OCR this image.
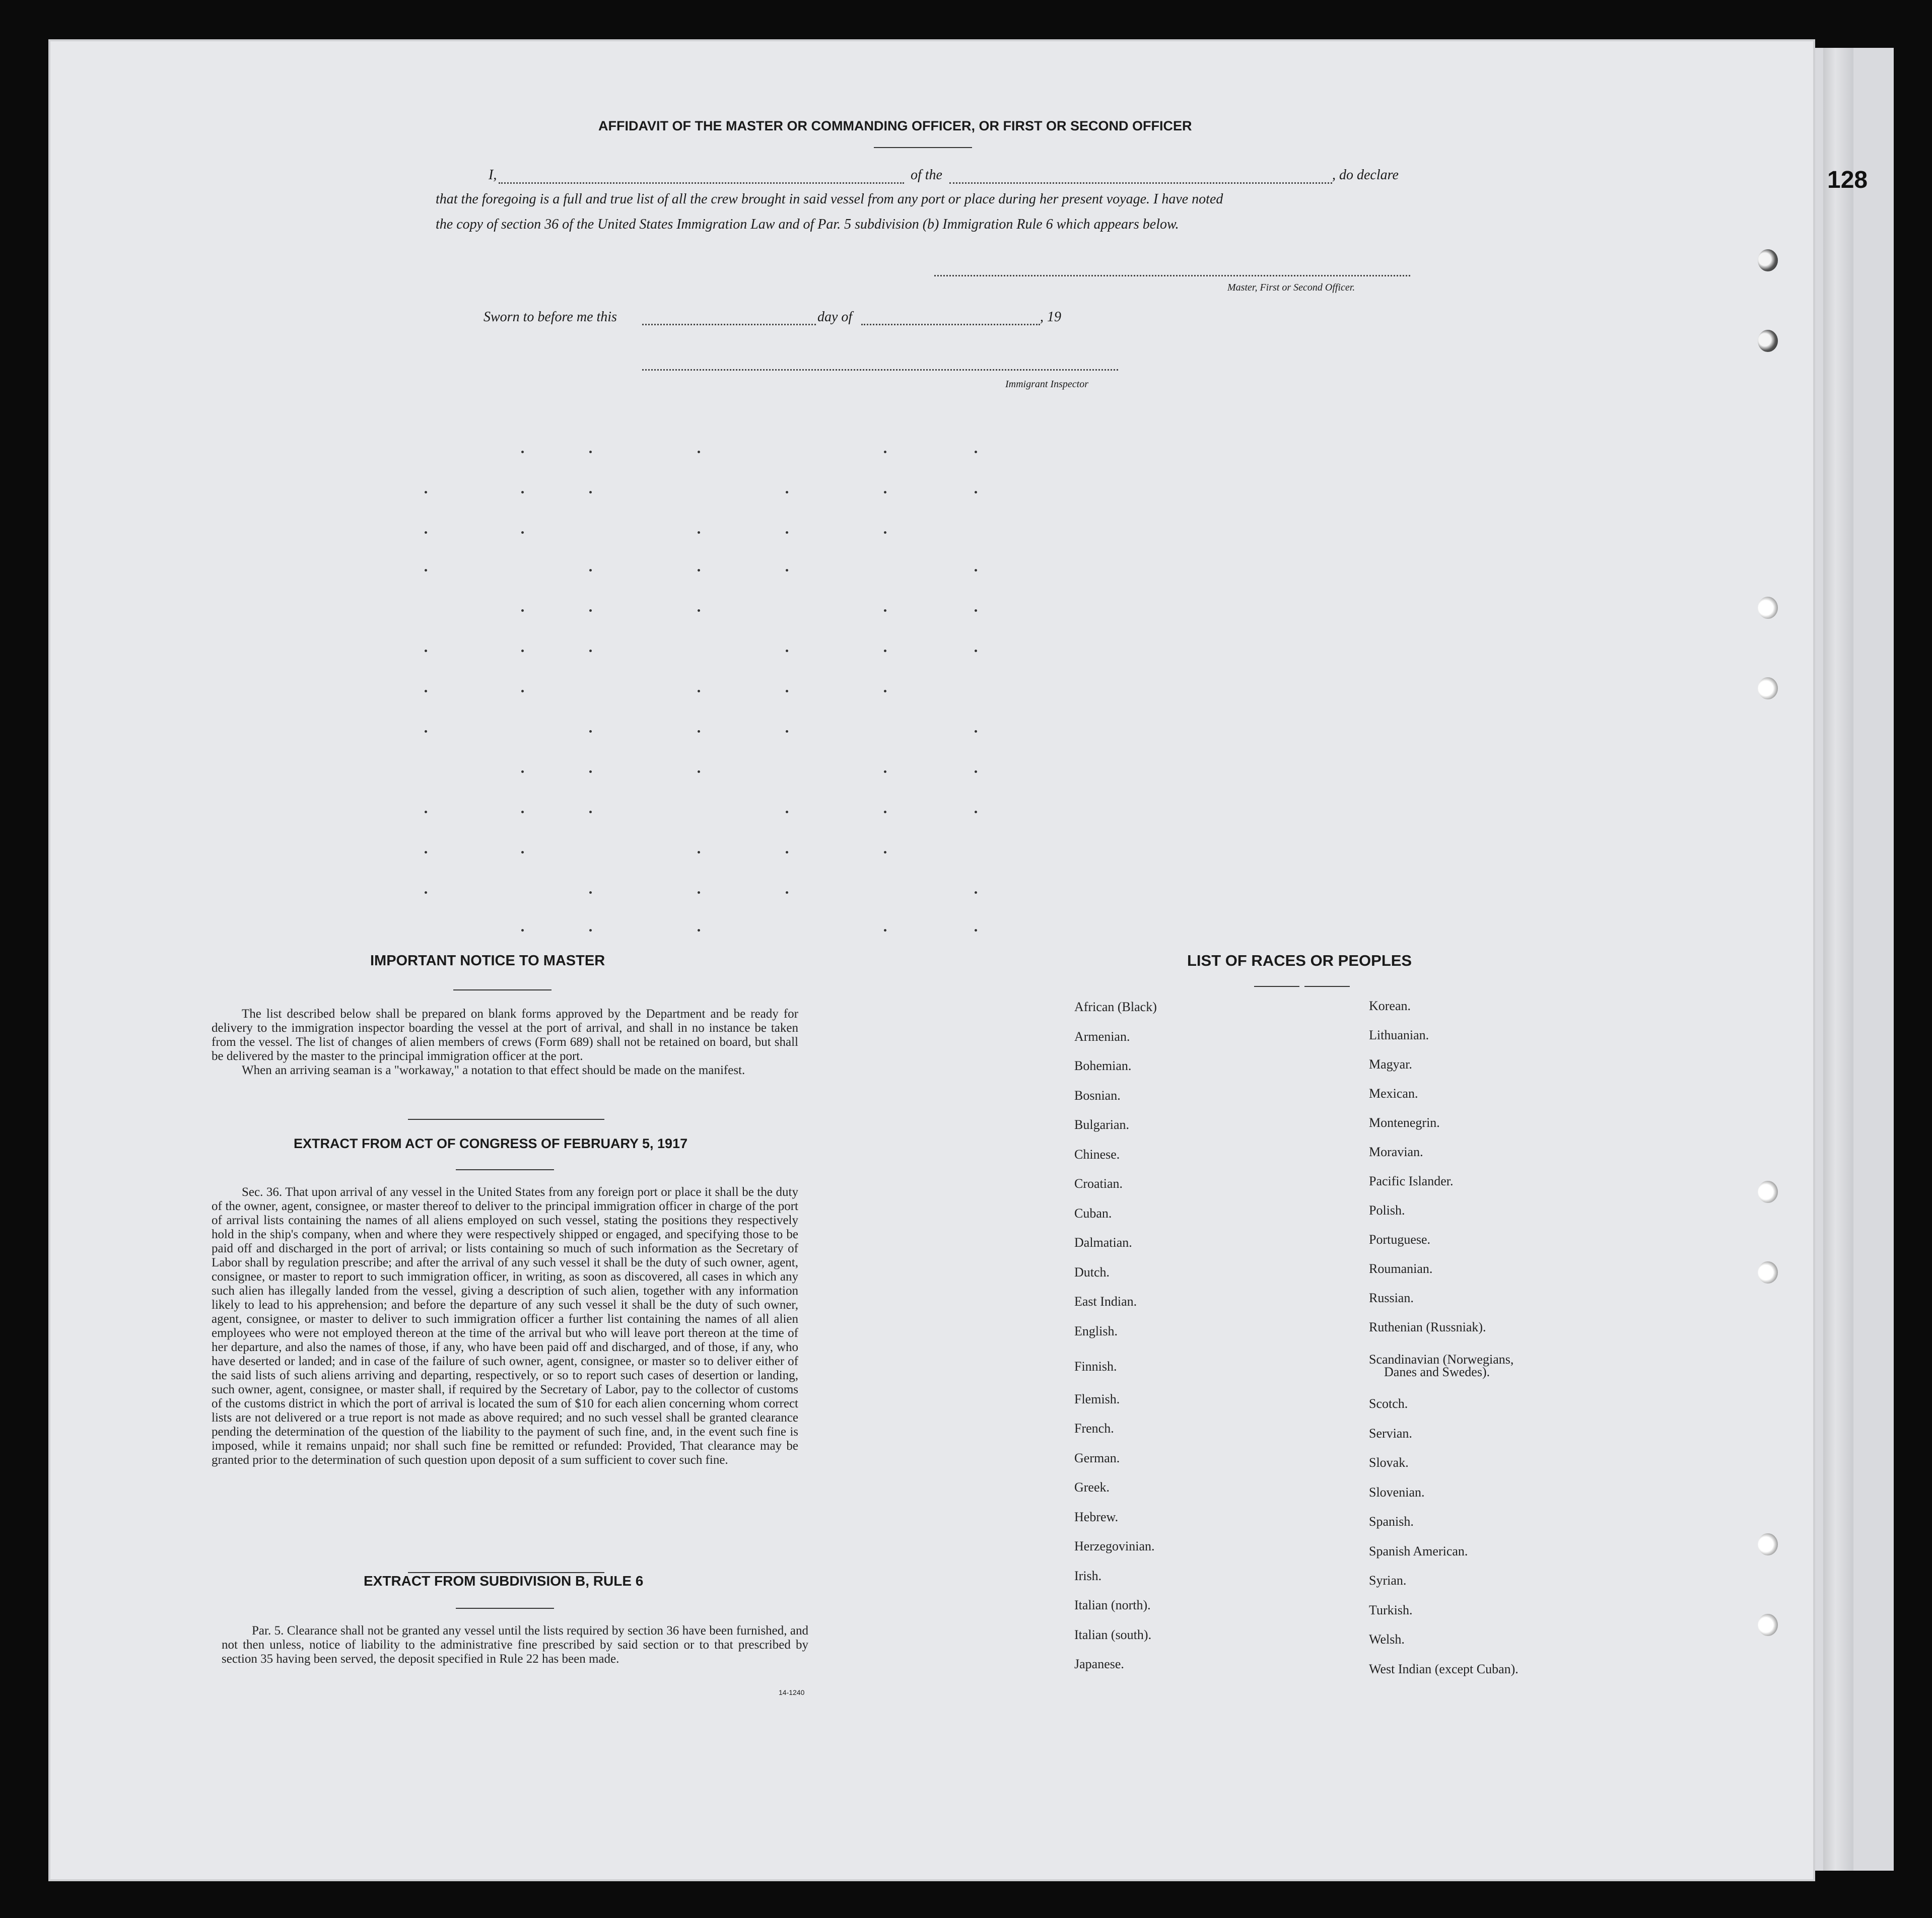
128
AFFIDAVIT OF THE MASTER OR COMMANDING OFFICER, OR FIRST OR SECOND OFFICER
I,	of the	, do declare
that the foregoing is a full and true list of all the crew brought in said vessel from any port or place during her present voyage. I have noted
the copy of section 36 of the United States Immigration Law and of Par. 5 subdivision (b) Immigration Rule 6 which appears below.
Master, First or Second Officer.
Sworn to before me this	day of	, 19
Immigrant Inspector
IMPORTANT NOTICE TO MASTER

The list described below shall be prepared on blank forms approved by the Department and be ready for delivery to the immigration inspector boarding the vessel at the port of arrival, and shall in no instance be taken from the vessel. The list of changes of alien members of crews (Form 689) shall not be retained on board, but shall be delivered by the master to the principal immigration officer at the port.

When an arriving seaman is a "workaway," a notation to that effect should be made on the manifest.

EXTRACT FROM ACT OF CONGRESS OF FEBRUARY 5, 1917

Sec. 36. That upon arrival of any vessel in the United States from any foreign port or place it shall be the duty of the owner, agent, consignee, or master thereof to deliver to the principal immigration officer in charge of the port of arrival lists containing the names of all aliens employed on such vessel, stating the positions they respectively hold in the ship's company, when and where they were respectively shipped or engaged, and specifying those to be paid off and discharged in the port of arrival; or lists containing so much of such information as the Secretary of Labor shall by regulation prescribe; and after the arrival of any such vessel it shall be the duty of such owner, agent, consignee, or master to report to such immigration officer, in writing, as soon as discovered, all cases in which any such alien has illegally landed from the vessel, giving a description of such alien, together with any information likely to lead to his apprehension; and before the departure of any such vessel it shall be the duty of such owner, agent, consignee, or master to deliver to such immigration officer a further list containing the names of all alien employees who were not employed thereon at the time of the arrival but who will leave port thereon at the time of her departure, and also the names of those, if any, who have been paid off and discharged, and of those, if any, who have deserted or landed; and in case of the failure of such owner, agent, consignee, or master so to deliver either of the said lists of such aliens arriving and departing, respectively, or so to report such cases of desertion or landing, such owner, agent, consignee, or master shall, if required by the Secretary of Labor, pay to the collector of customs of the customs district in which the port of arrival is located the sum of $10 for each alien concerning whom correct lists are not delivered or a true report is not made as above required; and no such vessel shall be granted clearance pending the determination of the question of the liability to the payment of such fine, and, in the event such fine is imposed, while it remains unpaid; nor shall such fine be remitted or refunded: Provided, That clearance may be granted prior to the determination of such question upon deposit of a sum sufficient to cover such fine.

EXTRACT FROM SUBDIVISION B, RULE 6

Par. 5. Clearance shall not be granted any vessel until the lists required by section 36 have been furnished, and not then unless, notice of liability to the administrative fine prescribed by said section or to that prescribed by section 35 having been served, the deposit specified in Rule 22 has been made.

14-1240
LIST OF RACES OR PEOPLES
African (Black)
Armenian.
Bohemian.
Bosnian.
Bulgarian.
Chinese.
Croatian.
Cuban.
Dalmatian.
Dutch.
East Indian.
English.
Finnish.
Flemish.
French.
German.
Greek.
Hebrew.
Herzegovinian.
Irish.
Italian (north).
Italian (south).
Japanese.
Korean.
Lithuanian.
Magyar.
Mexican.
Montenegrin.
Moravian.
Pacific Islander.
Polish.
Portuguese.
Roumanian.
Russian.
Ruthenian (Russniak).
Scandinavian (Norwegians,
Danes and Swedes).
Scotch.
Servian.
Slovak.
Slovenian.
Spanish.
Spanish American.
Syrian.
Turkish.
Welsh.
West Indian (except Cuban).
